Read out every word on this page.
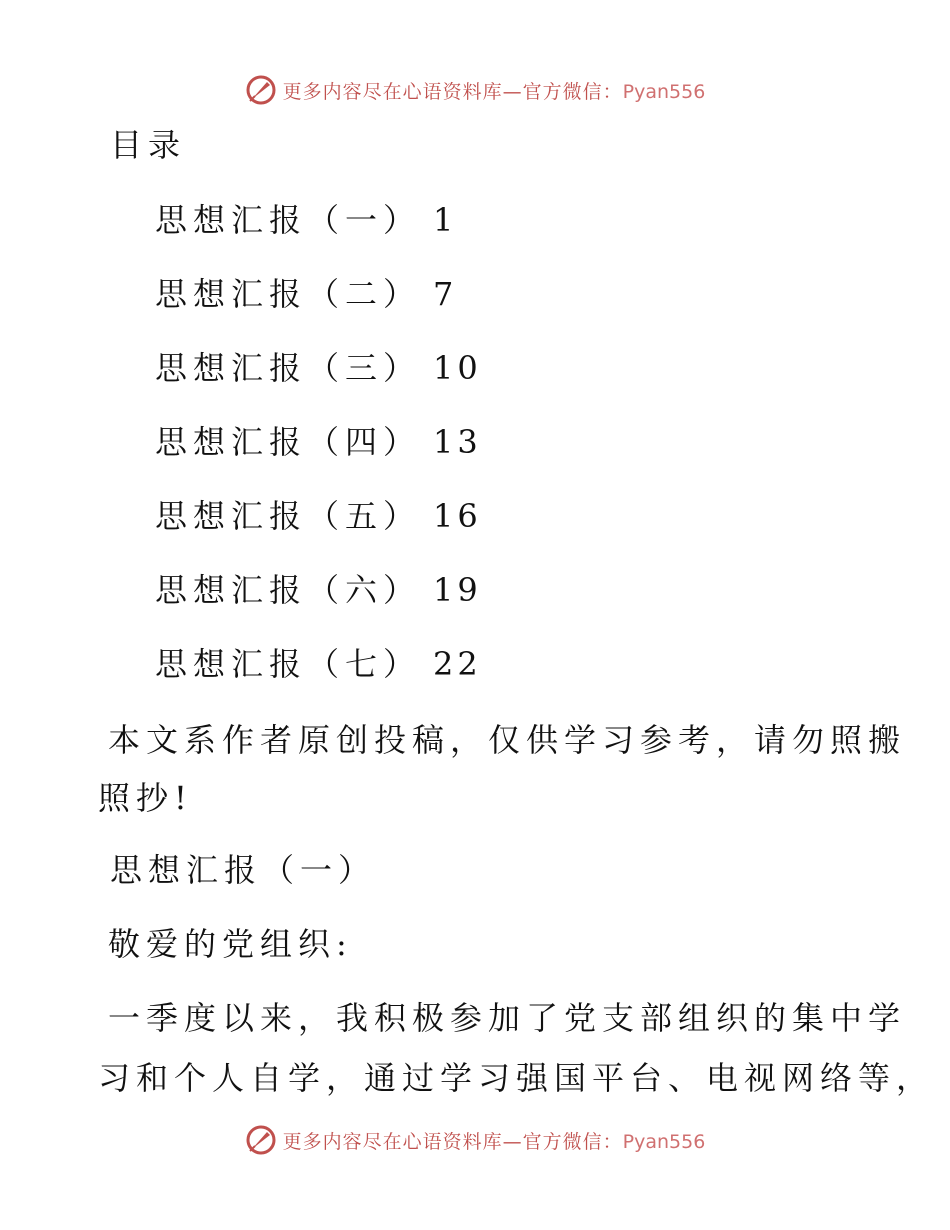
更多内容尽在心语资料库—官方微信：Pyan556
目录
思想汇报（一） 1
思想汇报（二） 7
思想汇报（三） 10
思想汇报（四） 13
思想汇报（五） 16
思想汇报（六） 19
思想汇报（七） 22
本文系作者原创投稿，仅供学习参考，请勿照搬
照抄!
思想汇报（一）
敬爱的党组织:
一季度以来，我积极参加了党支部组织的集中学
习和个人自学，通过学习强国平台、电视网络等，
更多内容尽在心语资料库—官方微信：Pyan556
